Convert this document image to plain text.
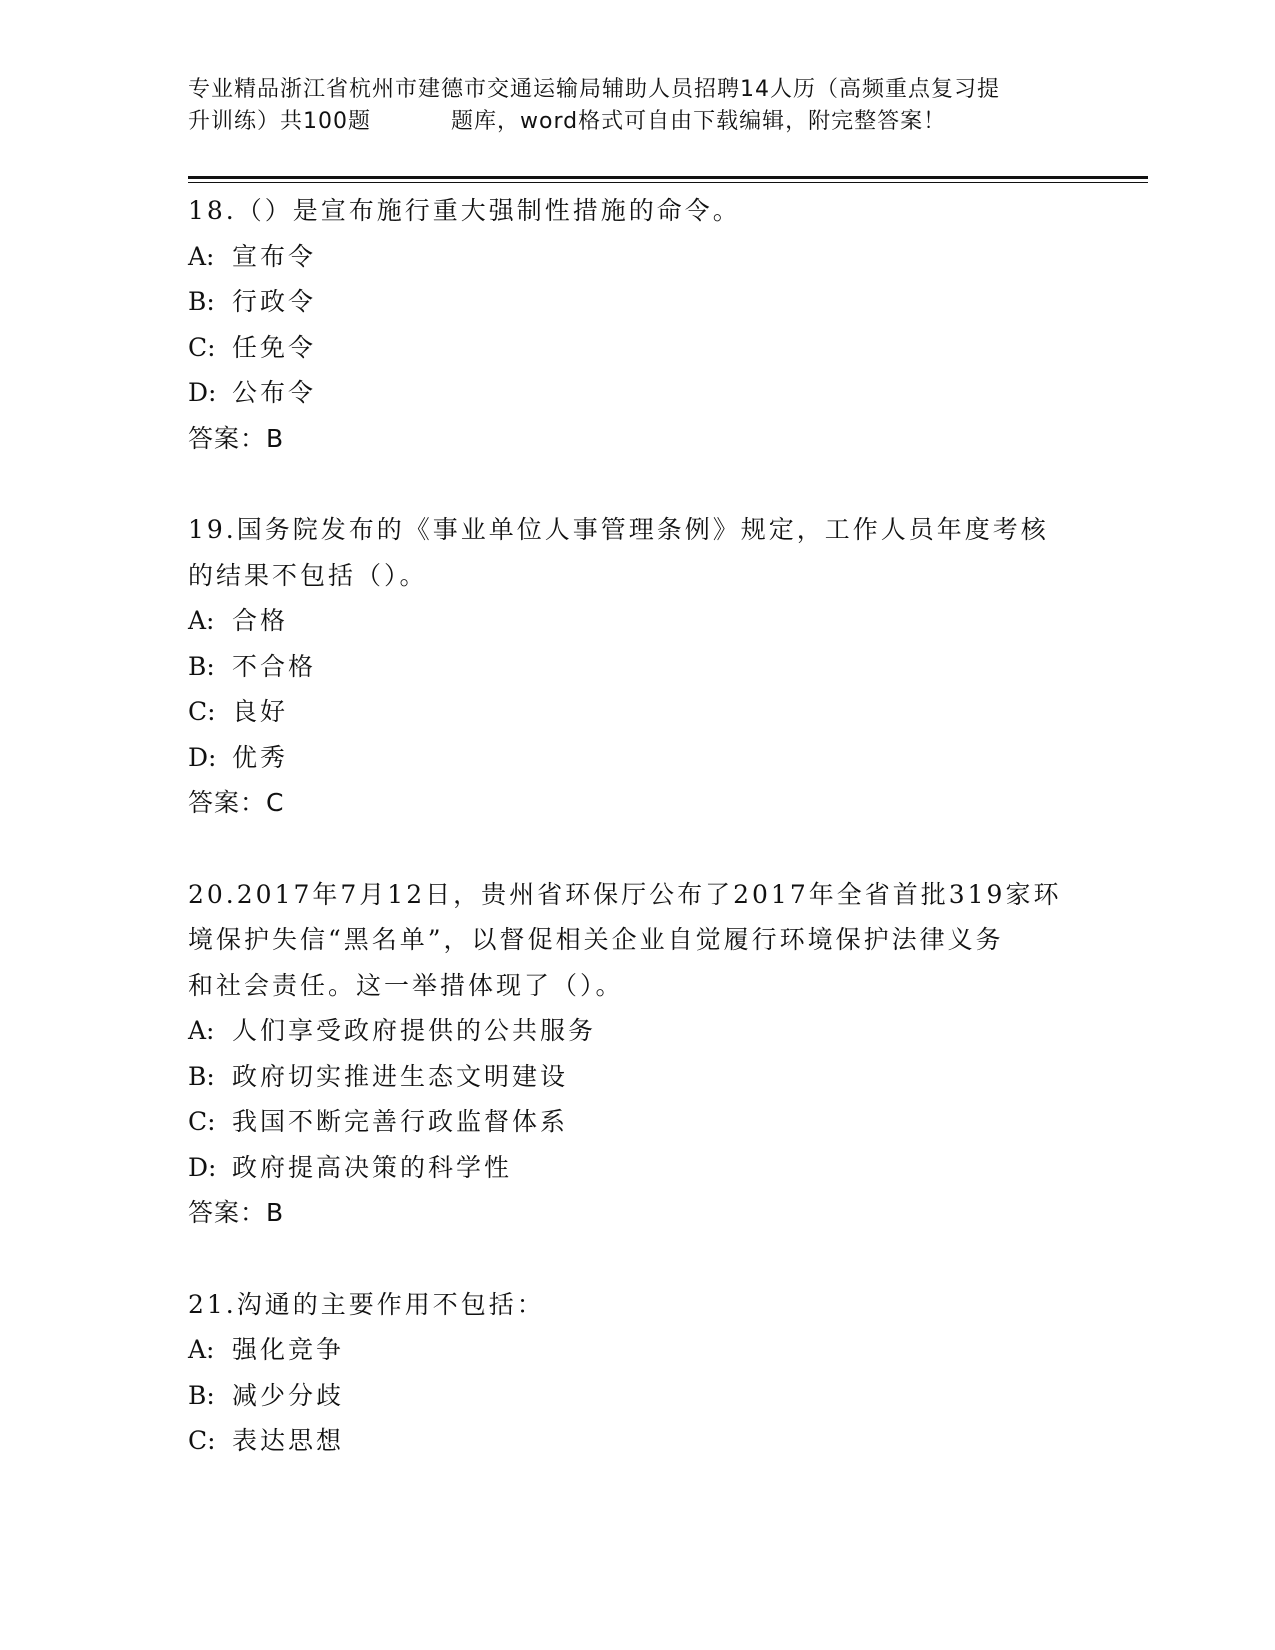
专业精品浙江省杭州市建德市交通运输局辅助人员招聘14人历（高频重点复习提
升训练）共100题	题库，word格式可自由下载编辑，附完整答案！
18.（）是宣布施行重大强制性措施的命令。
A: 宣布令
B: 行政令
C: 任免令
D: 公布令
答案：B
19.国务院发布的《事业单位人事管理条例》规定，工作人员年度考核
的结果不包括（）。
A: 合格
B: 不合格
C: 良好
D: 优秀
答案：C
20.2017年7月12日，贵州省环保厅公布了2017年全省首批319家环
境保护失信“黑名单”，以督促相关企业自觉履行环境保护法律义务
和社会责任。这一举措体现了（）。
A: 人们享受政府提供的公共服务
B: 政府切实推进生态文明建设
C: 我国不断完善行政监督体系
D: 政府提高决策的科学性
答案：B
21.沟通的主要作用不包括：
A: 强化竞争
B: 减少分歧
C: 表达思想
